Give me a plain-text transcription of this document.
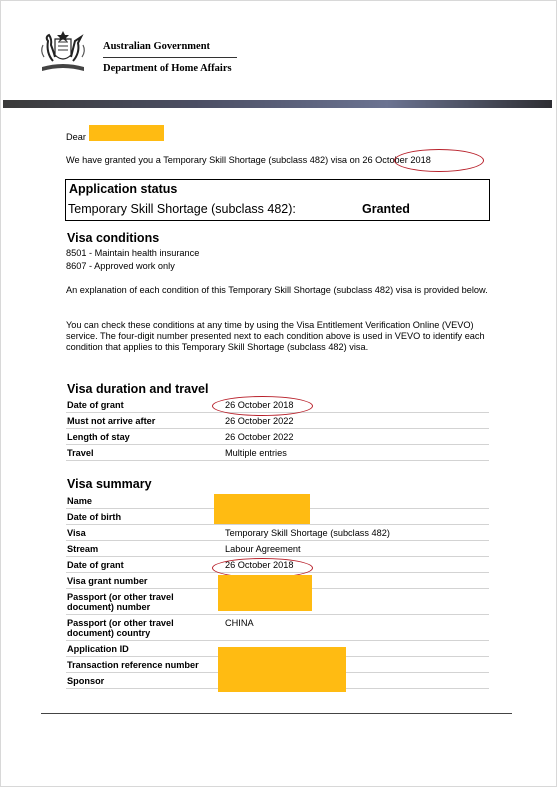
Australian Government
Department of Home Affairs
Dear
We have granted you a Temporary Skill Shortage (subclass 482) visa on 26 October 2018
Application status
Temporary Skill Shortage (subclass 482):	Granted
Visa conditions
8501 - Maintain health insurance
8607 - Approved work only
An explanation of each condition of this Temporary Skill Shortage (subclass 482) visa is provided below.
You can check these conditions at any time by using the Visa Entitlement Verification Online (VEVO) service. The four-digit number presented next to each condition above is used in VEVO to identify each condition that applies to this Temporary Skill Shortage (subclass 482) visa.
Visa duration and travel
Date of grant	26 October 2018
Must not arrive after	26 October 2022
Length of stay	26 October 2022
Travel	Multiple entries
Visa summary
Name	
Date of birth	
Visa	Temporary Skill Shortage (subclass 482)
Stream	Labour Agreement
Date of grant	26 October 2018
Visa grant number	
Passport (or other travel document) number	
Passport (or other travel document) country	CHINA
Application ID	
Transaction reference number	
Sponsor	
